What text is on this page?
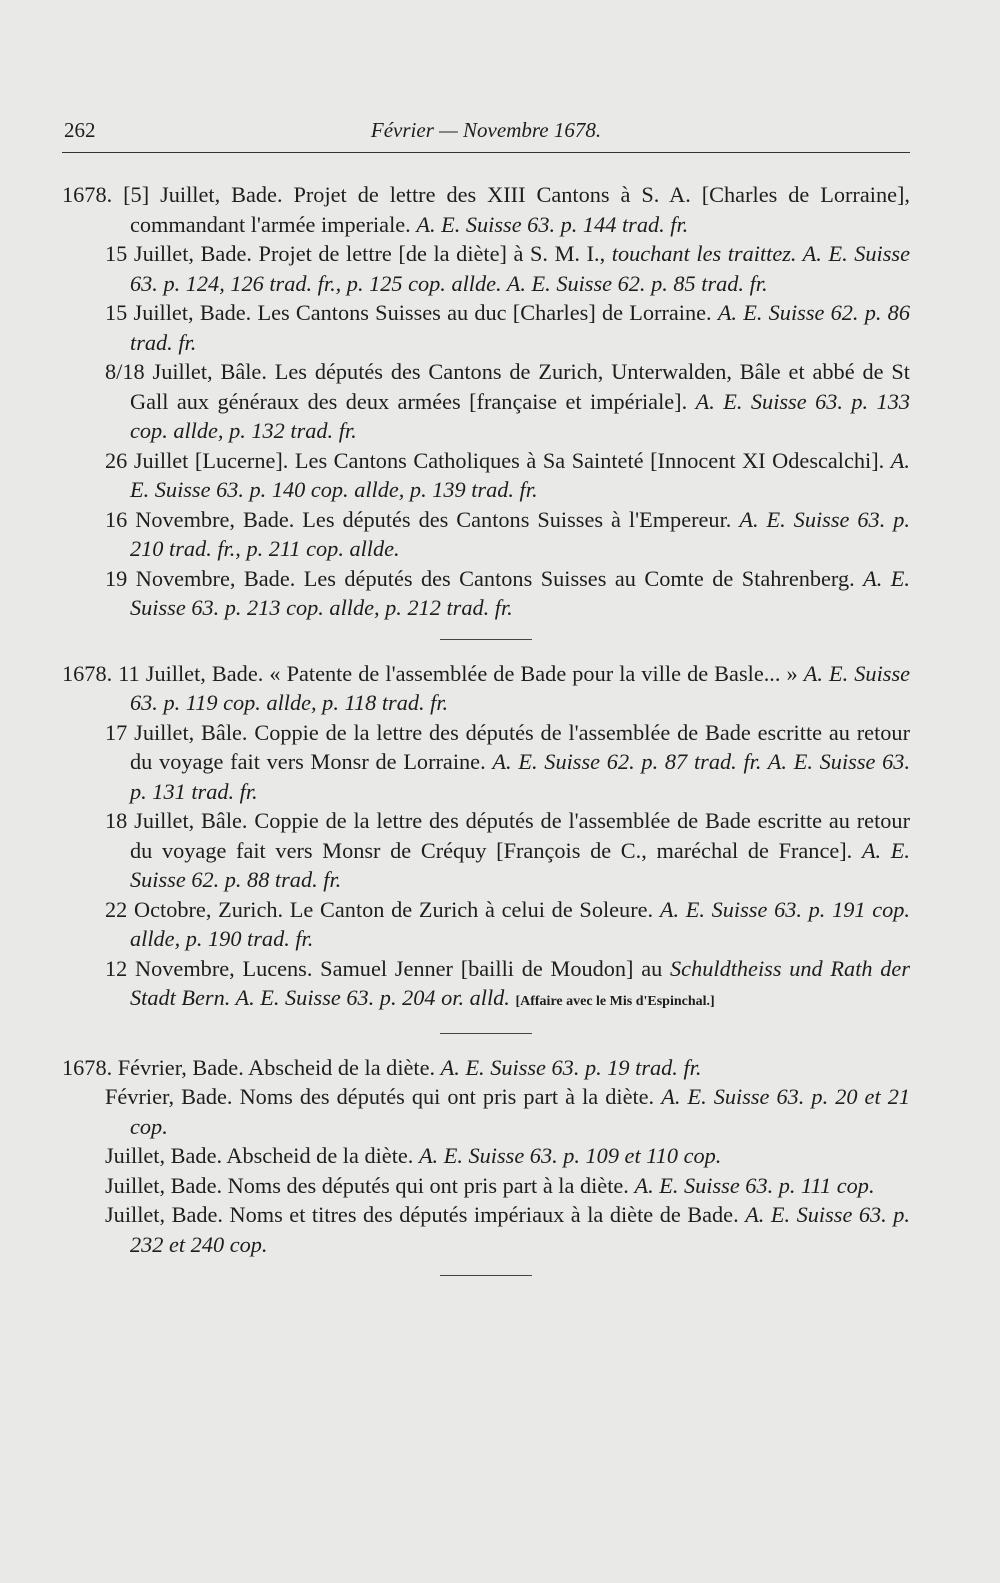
262	Février — Novembre 1678.

1678. [5] Juillet, Bade. Projet de lettre des XIII Cantons à S. A. [Charles de Lorraine], commandant l'armée imperiale. A. E. Suisse 63. p. 144 trad. fr.

15 Juillet, Bade. Projet de lettre [de la diète] à S. M. I., touchant les traittez. A. E. Suisse 63. p. 124, 126 trad. fr., p. 125 cop. allde. A. E. Suisse 62. p. 85 trad. fr.

15 Juillet, Bade. Les Cantons Suisses au duc [Charles] de Lorraine. A. E. Suisse 62. p. 86 trad. fr.

8/18 Juillet, Bâle. Les députés des Cantons de Zurich, Unterwalden, Bâle et abbé de St Gall aux généraux des deux armées [française et impériale]. A. E. Suisse 63. p. 133 cop. allde, p. 132 trad. fr.

26 Juillet [Lucerne]. Les Cantons Catholiques à Sa Sainteté [Innocent XI Odescalchi]. A. E. Suisse 63. p. 140 cop. allde, p. 139 trad. fr.

16 Novembre, Bade. Les députés des Cantons Suisses à l'Empereur. A. E. Suisse 63. p. 210 trad. fr., p. 211 cop. allde.

19 Novembre, Bade. Les députés des Cantons Suisses au Comte de Stahrenberg. A. E. Suisse 63. p. 213 cop. allde, p. 212 trad. fr.

1678. 11 Juillet, Bade. « Patente de l'assemblée de Bade pour la ville de Basle... » A. E. Suisse 63. p. 119 cop. allde, p. 118 trad. fr.

17 Juillet, Bâle. Coppie de la lettre des députés de l'assemblée de Bade escritte au retour du voyage fait vers Monsr de Lorraine. A. E. Suisse 62. p. 87 trad. fr. A. E. Suisse 63. p. 131 trad. fr.

18 Juillet, Bâle. Coppie de la lettre des députés de l'assemblée de Bade escritte au retour du voyage fait vers Monsr de Créquy [François de C., maréchal de France]. A. E. Suisse 62. p. 88 trad. fr.

22 Octobre, Zurich. Le Canton de Zurich à celui de Soleure. A. E. Suisse 63. p. 191 cop. allde, p. 190 trad. fr.

12 Novembre, Lucens. Samuel Jenner [bailli de Moudon] au Schuldtheiss und Rath der Stadt Bern. A. E. Suisse 63. p. 204 or. alld. [Affaire avec le Mis d'Espinchal.]

1678. Février, Bade. Abscheid de la diète. A. E. Suisse 63. p. 19 trad. fr.

Février, Bade. Noms des députés qui ont pris part à la diète. A. E. Suisse 63. p. 20 et 21 cop.

Juillet, Bade. Abscheid de la diète. A. E. Suisse 63. p. 109 et 110 cop.

Juillet, Bade. Noms des députés qui ont pris part à la diète. A. E. Suisse 63. p. 111 cop.

Juillet, Bade. Noms et titres des députés impériaux à la diète de Bade. A. E. Suisse 63. p. 232 et 240 cop.
